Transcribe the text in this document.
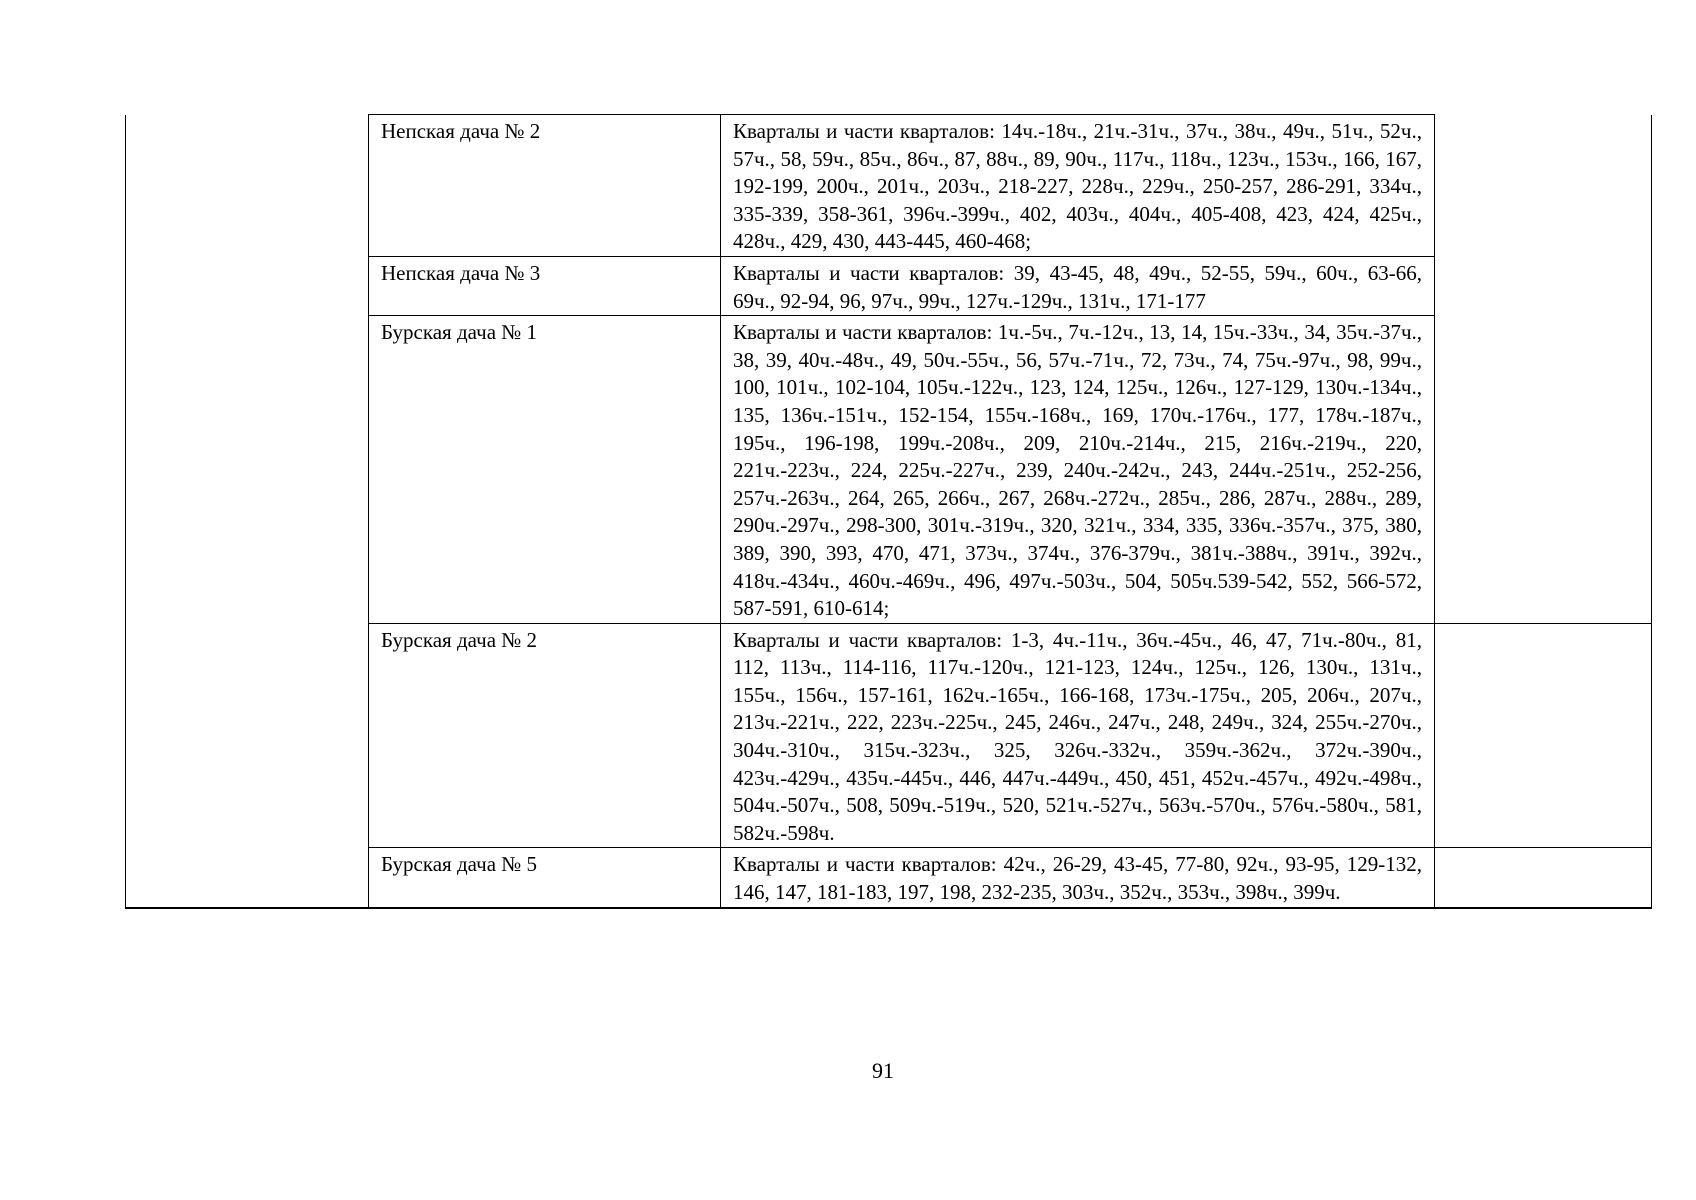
	Непская дача № 2	Кварталы и части кварталов: 14ч.-18ч., 21ч.-31ч., 37ч., 38ч., 49ч., 51ч., 52ч., 57ч., 58, 59ч., 85ч., 86ч., 87, 88ч., 89, 90ч., 117ч., 118ч., 123ч., 153ч., 166, 167, 192-199, 200ч., 201ч., 203ч., 218-227, 228ч., 229ч., 250-257, 286-291, 334ч., 335-339, 358-361, 396ч.-399ч., 402, 403ч., 404ч., 405-408, 423, 424, 425ч., 428ч., 429, 430, 443-445, 460-468;	
	Непская дача № 3	Кварталы и части кварталов: 39, 43-45, 48, 49ч., 52-55, 59ч., 60ч., 63-66, 69ч., 92-94, 96, 97ч., 99ч., 127ч.-129ч., 131ч., 171-177	
	Бурская дача № 1	Кварталы и части кварталов: 1ч.-5ч., 7ч.-12ч., 13, 14, 15ч.-33ч., 34, 35ч.-37ч., 38, 39, 40ч.-48ч., 49, 50ч.-55ч., 56, 57ч.-71ч., 72, 73ч., 74, 75ч.-97ч., 98, 99ч., 100, 101ч., 102-104, 105ч.-122ч., 123, 124, 125ч., 126ч., 127-129, 130ч.-134ч., 135, 136ч.-151ч., 152-154, 155ч.-168ч., 169, 170ч.-176ч., 177, 178ч.-187ч., 195ч., 196-198, 199ч.-208ч., 209, 210ч.-214ч., 215, 216ч.-219ч., 220, 221ч.-223ч., 224, 225ч.-227ч., 239, 240ч.-242ч., 243, 244ч.-251ч., 252-256, 257ч.-263ч., 264, 265, 266ч., 267, 268ч.-272ч., 285ч., 286, 287ч., 288ч., 289, 290ч.-297ч., 298-300, 301ч.-319ч., 320, 321ч., 334, 335, 336ч.-357ч., 375, 380, 389, 390, 393, 470, 471, 373ч., 374ч., 376-379ч., 381ч.-388ч., 391ч., 392ч., 418ч.-434ч., 460ч.-469ч., 496, 497ч.-503ч., 504, 505ч.539-542, 552, 566-572, 587-591, 610-614;	
	Бурская дача № 2	Кварталы и части кварталов: 1-3, 4ч.-11ч., 36ч.-45ч., 46, 47, 71ч.-80ч., 81, 112, 113ч., 114-116, 117ч.-120ч., 121-123, 124ч., 125ч., 126, 130ч., 131ч., 155ч., 156ч., 157-161, 162ч.-165ч., 166-168, 173ч.-175ч., 205, 206ч., 207ч., 213ч.-221ч., 222, 223ч.-225ч., 245, 246ч., 247ч., 248, 249ч., 324, 255ч.-270ч., 304ч.-310ч., 315ч.-323ч., 325, 326ч.-332ч., 359ч.-362ч., 372ч.-390ч., 423ч.-429ч., 435ч.-445ч., 446, 447ч.-449ч., 450, 451, 452ч.-457ч., 492ч.-498ч., 504ч.-507ч., 508, 509ч.-519ч., 520, 521ч.-527ч., 563ч.-570ч., 576ч.-580ч., 581, 582ч.-598ч.	
	Бурская дача № 5	Кварталы и части кварталов: 42ч., 26-29, 43-45, 77-80, 92ч., 93-95, 129-132, 146, 147, 181-183, 197, 198, 232-235, 303ч., 352ч., 353ч., 398ч., 399ч.	
91
